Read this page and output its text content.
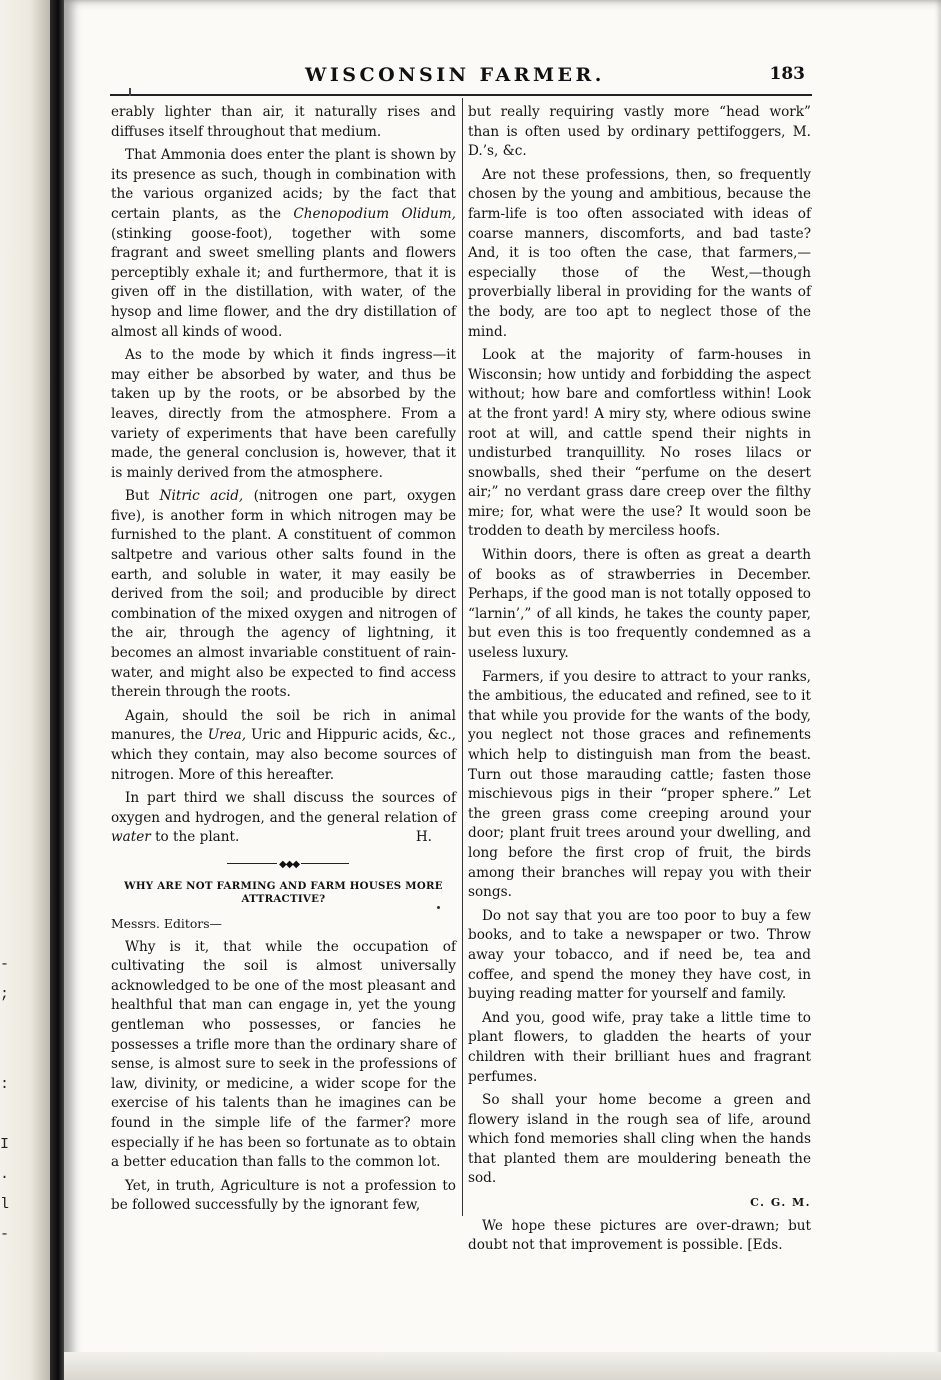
-
;

:

I
.
l
-
WISCONSIN FARMER.	183

erably lighter than air, it naturally rises and diffuses itself throughout that medium.

That Ammonia does enter the plant is shown by its presence as such, though in combination with the various organized acids; by the fact that certain plants, as the Chenopodium Olidum, (stinking goose-foot), together with some fragrant and sweet smelling plants and flowers perceptibly exhale it; and furthermore, that it is given off in the distillation, with water, of the hysop and lime flower, and the dry distillation of almost all kinds of wood.

As to the mode by which it finds ingress—it may either be absorbed by water, and thus be taken up by the roots, or be absorbed by the leaves, directly from the atmosphere. From a variety of experiments that have been carefully made, the general conclusion is, however, that it is mainly derived from the atmosphere.

But Nitric acid, (nitrogen one part, oxygen five), is another form in which nitrogen may be furnished to the plant. A constituent of common saltpetre and various other salts found in the earth, and soluble in water, it may easily be derived from the soil; and producible by direct combination of the mixed oxygen and nitrogen of the air, through the agency of lightning, it becomes an almost invariable constituent of rain-water, and might also be expected to find access therein through the roots.

Again, should the soil be rich in animal manures, the Urea, Uric and Hippuric acids, &c., which they contain, may also become sources of nitrogen. More of this hereafter.

In part third we shall discuss the sources of oxygen and hydrogen, and the general relation of water to the plant.	H.

◆◆◆
WHY ARE NOT FARMING AND FARM HOUSES MORE ATTRACTIVE?

Messrs. Editors—

Why is it, that while the occupation of cultivating the soil is almost universally acknowledged to be one of the most pleasant and healthful that man can engage in, yet the young gentleman who possesses, or fancies he possesses a trifle more than the ordinary share of sense, is almost sure to seek in the professions of law, divinity, or medicine, a wider scope for the exercise of his talents than he imagines can be found in the simple life of the farmer? more especially if he has been so fortunate as to obtain a better education than falls to the common lot.

Yet, in truth, Agriculture is not a profession to be followed successfully by the ignorant few,

but really requiring vastly more “head work” than is often used by ordinary pettifoggers, M. D.’s, &c.

Are not these professions, then, so frequently chosen by the young and ambitious, because the farm-life is too often associated with ideas of coarse manners, discomforts, and bad taste? And, it is too often the case, that farmers,—especially those of the West,—though proverbially liberal in providing for the wants of the body, are too apt to neglect those of the mind.

Look at the majority of farm-houses in Wisconsin; how untidy and forbidding the aspect without; how bare and comfortless within! Look at the front yard! A miry sty, where odious swine root at will, and cattle spend their nights in undisturbed tranquillity. No roses lilacs or snowballs, shed their “perfume on the desert air;” no verdant grass dare creep over the filthy mire; for, what were the use? It would soon be trodden to death by merciless hoofs.

Within doors, there is often as great a dearth of books as of strawberries in December. Perhaps, if the good man is not totally opposed to “larnin’,” of all kinds, he takes the county paper, but even this is too frequently condemned as a useless luxury.

Farmers, if you desire to attract to your ranks, the ambitious, the educated and refined, see to it that while you provide for the wants of the body, you neglect not those graces and refinements which help to distinguish man from the beast. Turn out those marauding cattle; fasten those mischievous pigs in their “proper sphere.” Let the green grass come creeping around your door; plant fruit trees around your dwelling, and long before the first crop of fruit, the birds among their branches will repay you with their songs.

Do not say that you are too poor to buy a few books, and to take a newspaper or two. Throw away your tobacco, and if need be, tea and coffee, and spend the money they have cost, in buying reading matter for yourself and family.

And you, good wife, pray take a little time to plant flowers, to gladden the hearts of your children with their brilliant hues and fragrant perfumes.

So shall your home become a green and flowery island in the rough sea of life, around which fond memories shall cling when the hands that planted them are mouldering beneath the sod.

C. G. M.

We hope these pictures are over-drawn; but doubt not that improvement is possible. [Eds.
